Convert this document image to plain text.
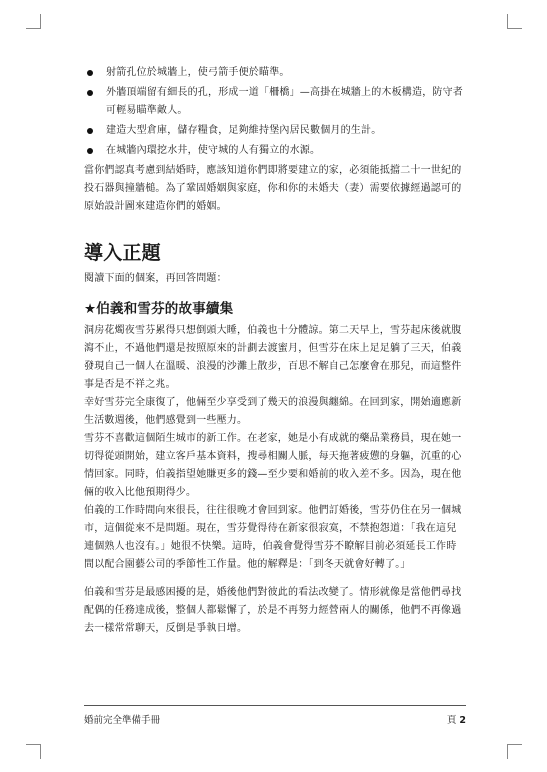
射箭孔位於城牆上，使弓箭手便於瞄準。
外牆頂端留有細長的孔，形成一道「柵橋」—高掛在城牆上的木板構造，防守者可輕易瞄準敵人。
建造大型倉庫，儲存糧食，足夠維持堡內居民數個月的生計。
在城牆內環挖水井，使守城的人有獨立的水源。

當你們認真考慮到結婚時，應該知道你們即將要建立的家，必須能抵擋二十一世紀的投石器與撞牆槌。為了鞏固婚姻與家庭，你和你的未婚夫（妻）需要依據經過認可的原始設計圖來建造你們的婚姻。

導入正題

閱讀下面的個案，再回答問題：

★伯義和雪芬的故事續集

洞房花燭夜雪芬累得只想倒頭大睡，伯義也十分體諒。第二天早上，雪芬起床後就腹瀉不止，不過他們還是按照原來的計劃去渡蜜月，但雪芬在床上足足躺了三天，伯義發現自己一個人在溫暖、浪漫的沙灘上散步，百思不解自己怎麼會在那兒，而這整件事是否是不祥之兆。

幸好雪芬完全康復了，他倆至少享受到了幾天的浪漫與纏綿。在回到家，開始適應新生活數週後，他們感覺到一些壓力。

雪芬不喜歡這個陌生城市的新工作。在老家，她是小有成就的藥品業務員，現在她一切得從頭開始，建立客戶基本資料，搜尋相關人脈，每天拖著疲憊的身軀，沉重的心情回家。同時，伯義指望她賺更多的錢—至少要和婚前的收入差不多。因為，現在他倆的收入比他預期得少。

伯義的工作時間向來很長，往往很晚才會回到家。他們訂婚後，雪芬仍住在另一個城市，這個從來不是問題。現在，雪芬覺得待在新家很寂寞，不禁抱怨道：「我在這兒連個熟人也沒有。」她很不快樂。這時，伯義會覺得雪芬不瞭解目前必須延長工作時間以配合園藝公司的季節性工作量。他的解釋是：「到冬天就會好轉了。」

伯義和雪芬是最感困擾的是，婚後他們對彼此的看法改變了。情形就像是當他們尋找配偶的任務達成後，整個人都鬆懈了，於是不再努力經營兩人的關係，他們不再像過去一樣常常聊天，反倒是爭執日增。

婚前完全準備手冊	頁 2
